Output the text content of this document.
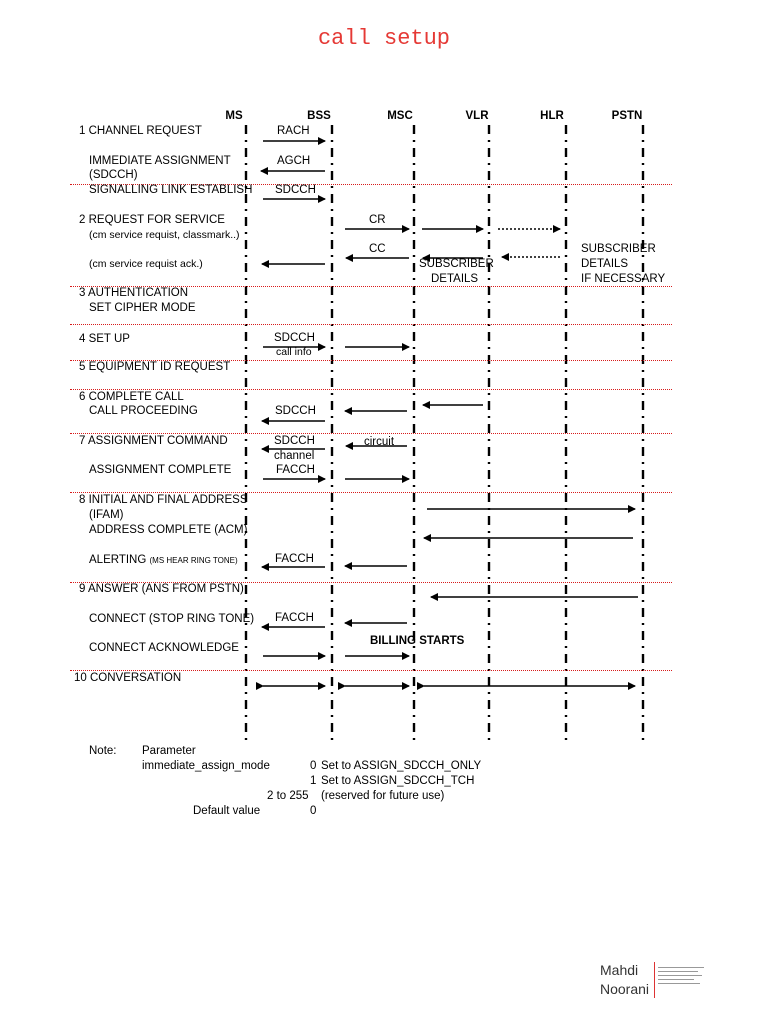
call setup
MS	BSS	MSC	VLR	HLR	PSTN
1 CHANNEL REQUEST
IMMEDIATE ASSIGNMENT
(SDCCH)
SIGNALLING LINK ESTABLISH
2 REQUEST FOR SERVICE
(cm service requist, classmark..)
(cm service requist ack.)
3 AUTHENTICATION
SET CIPHER MODE
4 SET UP
5 EQUIPMENT ID REQUEST
6 COMPLETE CALL
CALL PROCEEDING
7 ASSIGNMENT COMMAND
ASSIGNMENT COMPLETE
8 INITIAL AND FINAL ADDRESS
(IFAM)
ADDRESS COMPLETE (ACM)
ALERTING (MS HEAR RING TONE)
9 ANSWER (ANS FROM PSTN)
CONNECT (STOP RING TONE)
CONNECT ACKNOWLEDGE
10 CONVERSATION
RACH
AGCH
SDCCH
CR
CC
SUBSCRIBER
DETAILS
SUBSCRIBER
DETAILS
IF NECESSARY
SDCCH
call info
SDCCH
SDCCH
channel
circuit
FACCH
FACCH
FACCH
BILLING STARTS
Note: Parameter
immediate_assign_mode	0 Set to ASSIGN_SDCCH_ONLY
1 Set to ASSIGN_SDCCH_TCH
2 to 255 (reserved for future use)
Default value	0
Mahdi
Noorani
